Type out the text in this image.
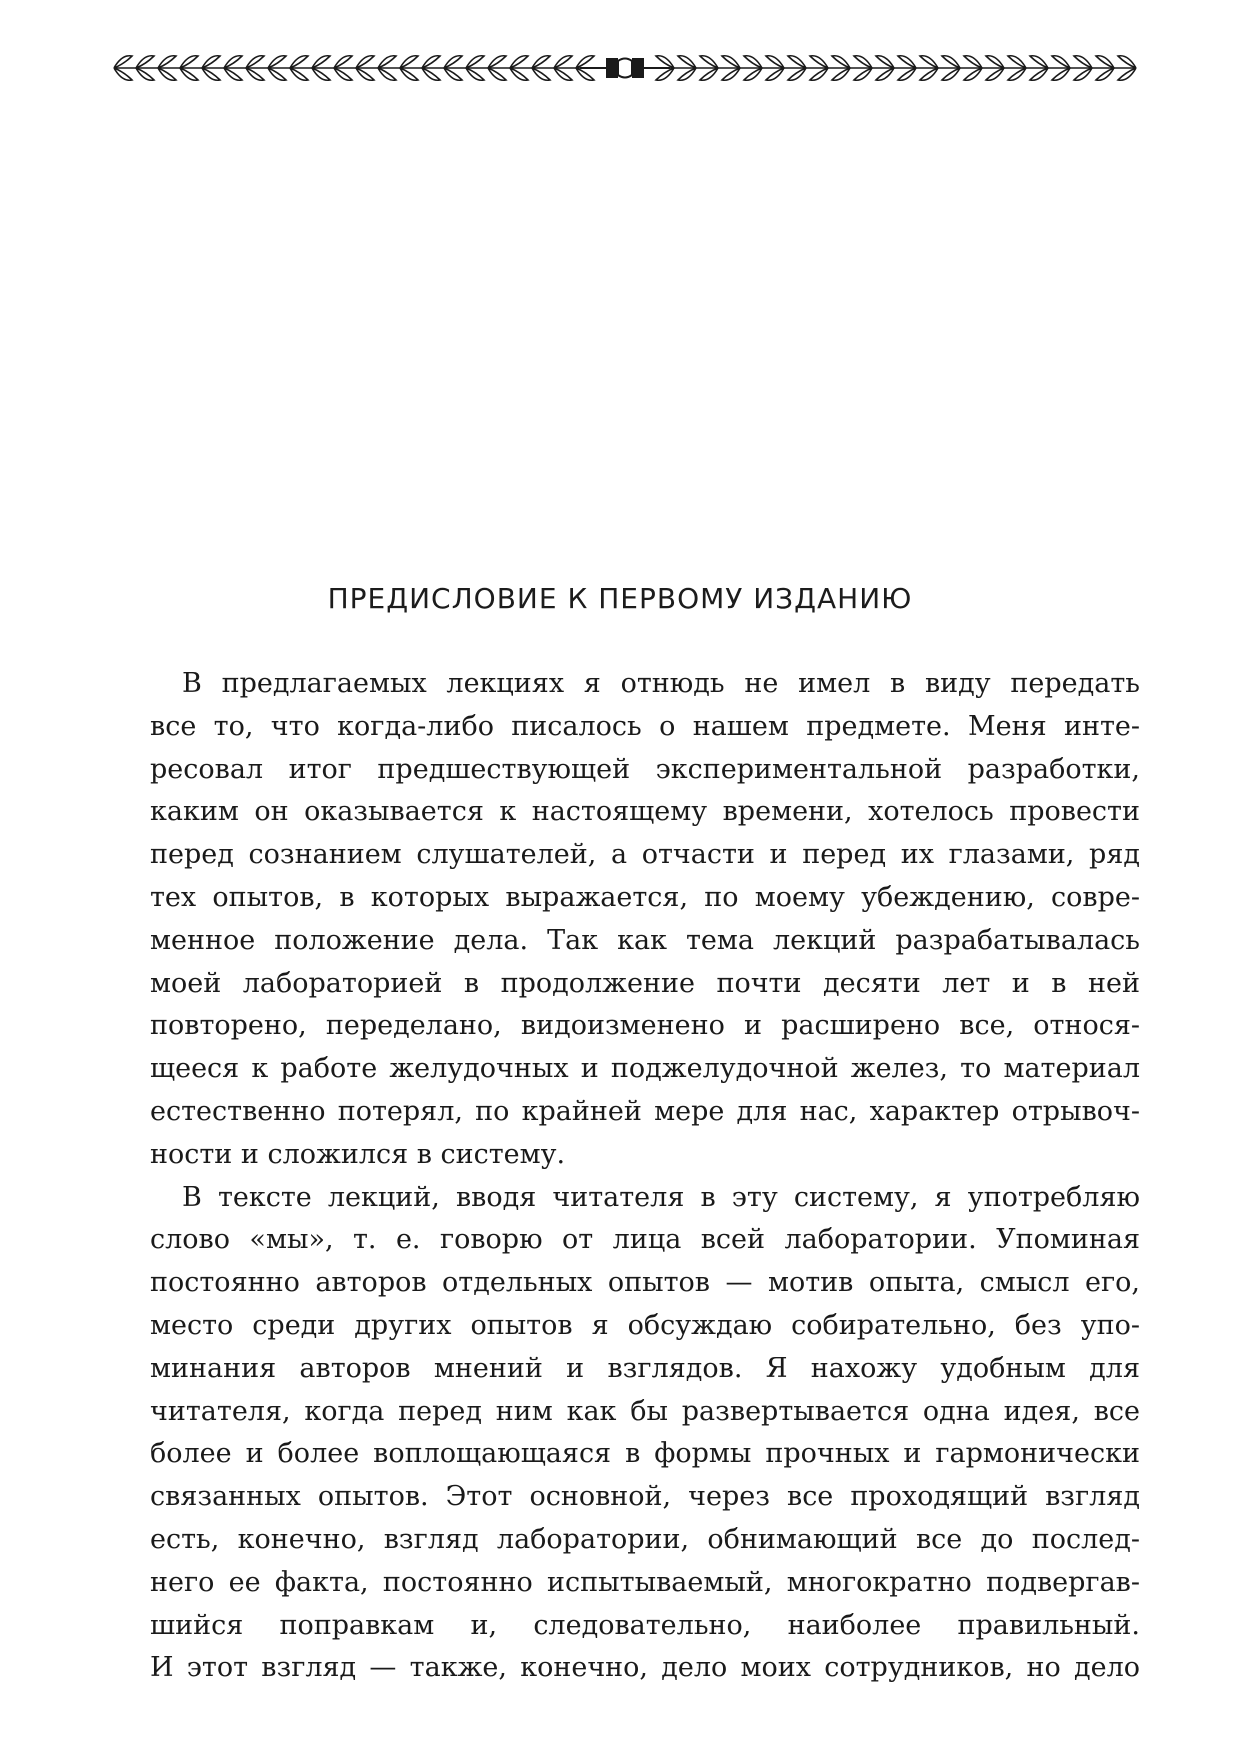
ПРЕДИСЛОВИЕ К ПЕРВОМУ ИЗДАНИЮ
В предлагаемых лекциях я отнюдь не имел в виду передать
все то, что когда-либо писалось о нашем предмете. Меня инте-
ресовал итог предшествующей экспериментальной разработки,
каким он оказывается к настоящему времени, хотелось провести
перед сознанием слушателей, а отчасти и перед их глазами, ряд
тех опытов, в которых выражается, по моему убеждению, совре-
менное положение дела. Так как тема лекций разрабатывалась
моей лабораторией в продолжение почти десяти лет и в ней
повторено, переделано, видоизменено и расширено все, относя-
щееся к работе желудочных и поджелудочной желез, то материал
естественно потерял, по крайней мере для нас, характер отрывоч-
ности и сложился в систему.
В тексте лекций, вводя читателя в эту систему, я употребляю
слово «мы», т. е. говорю от лица всей лаборатории. Упоминая
постоянно авторов отдельных опытов — мотив опыта, смысл его,
место среди других опытов я обсуждаю собирательно, без упо-
минания авторов мнений и взглядов. Я нахожу удобным для
читателя, когда перед ним как бы развертывается одна идея, все
более и более воплощающаяся в формы прочных и гармонически
связанных опытов. Этот основной, через все проходящий взгляд
есть, конечно, взгляд лаборатории, обнимающий все до послед-
него ее факта, постоянно испытываемый, многократно подвергав-
шийся поправкам и, следовательно, наиболее правильный.
И этот взгляд — также, конечно, дело моих сотрудников, но дело
